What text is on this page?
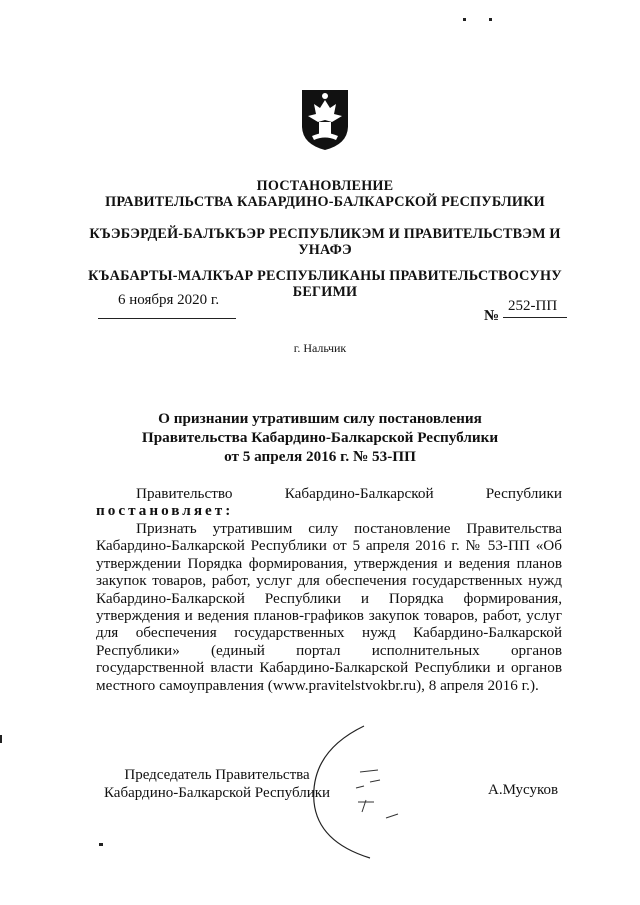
ПОСТАНОВЛЕНИЕ
ПРАВИТЕЛЬСТВА КАБАРДИНО-БАЛКАРСКОЙ РЕСПУБЛИКИ
КЪЭБЭРДЕЙ-БАЛЪКЪЭР РЕСПУБЛИКЭМ И ПРАВИТЕЛЬСТВЭМ И
УНАФЭ
КЪАБАРТЫ-МАЛКЪАР РЕСПУБЛИКАНЫ ПРАВИТЕЛЬСТВОСУНУ
БЕГИМИ
6 ноября 2020 г.
№
252-ПП
г. Нальчик
О признании утратившим силу постановления
Правительства Кабардино-Балкарской Республики
от 5 апреля 2016 г. № 53-ПП
Правительство	Кабардино-Балкарской	Республики
постановляет:
Признать утратившим силу постановление Правительства Кабардино-Балкарской Республики от 5 апреля 2016 г. № 53-ПП «Об утверждении Порядка формирования, утверждения и ведения планов закупок товаров, работ, услуг для обеспечения государственных нужд Кабардино-Балкарской Республики и Порядка формирования, утверждения и ведения планов-графиков закупок товаров, работ, услуг для обеспечения государственных нужд Кабардино-Балкарской Республики» (единый портал исполнительных органов государственной власти Кабардино-Балкарской Республики и органов местного самоуправления (www.pravitelstvokbr.ru), 8 апреля 2016 г.).
Председатель Правительства
Кабардино-Балкарской Республики	А.Мусуков
